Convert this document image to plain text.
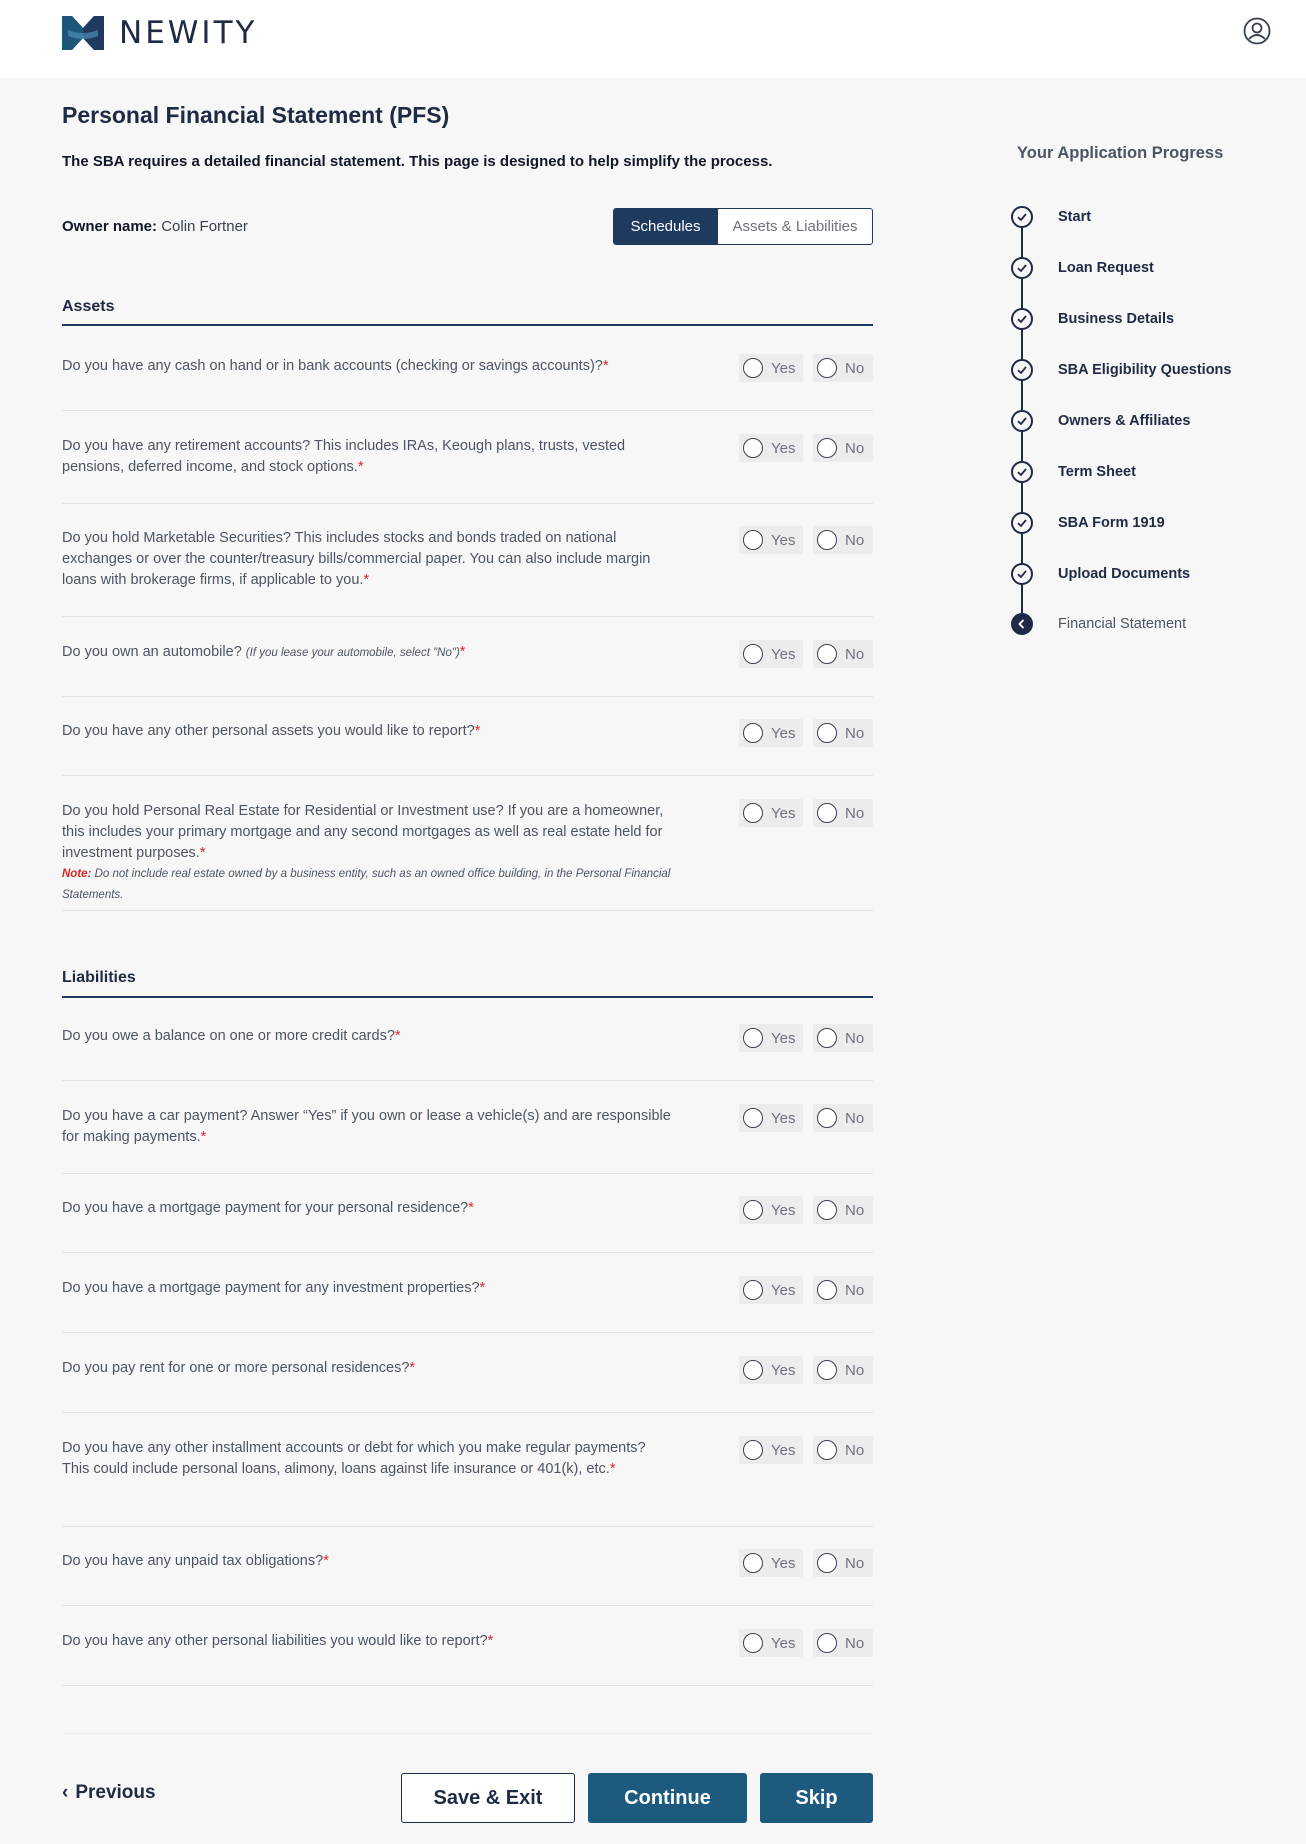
NEWITY
Personal Financial Statement (PFS)
The SBA requires a detailed financial statement. This page is designed to help simplify the process.
Owner name: Colin Fortner	Schedules	Assets & Liabilities
Assets
Do you have any cash on hand or in bank accounts (checking or savings accounts)?*	Yes	No
Do you have any retirement accounts? This includes IRAs, Keough plans, trusts, vested pensions, deferred income, and stock options.*
Yes	No
Do you hold Marketable Securities? This includes stocks and bonds traded on national exchanges or over the counter/treasury bills/commercial paper. You can also include margin loans with brokerage firms, if applicable to you.*
Yes	No
Do you own an automobile? (If you lease your automobile, select "No")*	Yes	No
Do you have any other personal assets you would like to report?*	Yes	No
Do you hold Personal Real Estate for Residential or Investment use? If you are a homeowner, this includes your primary mortgage and any second mortgages as well as real estate held for investment purposes.*
Note: Do not include real estate owned by a business entity, such as an owned office building, in the Personal Financial Statements.
Yes	No
Liabilities
Do you owe a balance on one or more credit cards?*	Yes	No
Do you have a car payment? Answer “Yes” if you own or lease a vehicle(s) and are responsible for making payments.*
Yes	No
Do you have a mortgage payment for your personal residence?*	Yes	No
Do you have a mortgage payment for any investment properties?*	Yes	No
Do you pay rent for one or more personal residences?*	Yes	No
Do you have any other installment accounts or debt for which you make regular payments? This could include personal loans, alimony, loans against life insurance or 401(k), etc.*
Yes	No
Do you have any unpaid tax obligations?*	Yes	No
Do you have any other personal liabilities you would like to report?*	Yes	No
‹ Previous	Save & Exit	Continue	Skip
Your Application Progress
Start
Loan Request
Business Details
SBA Eligibility Questions
Owners & Affiliates
Term Sheet
SBA Form 1919
Upload Documents
Financial Statement
